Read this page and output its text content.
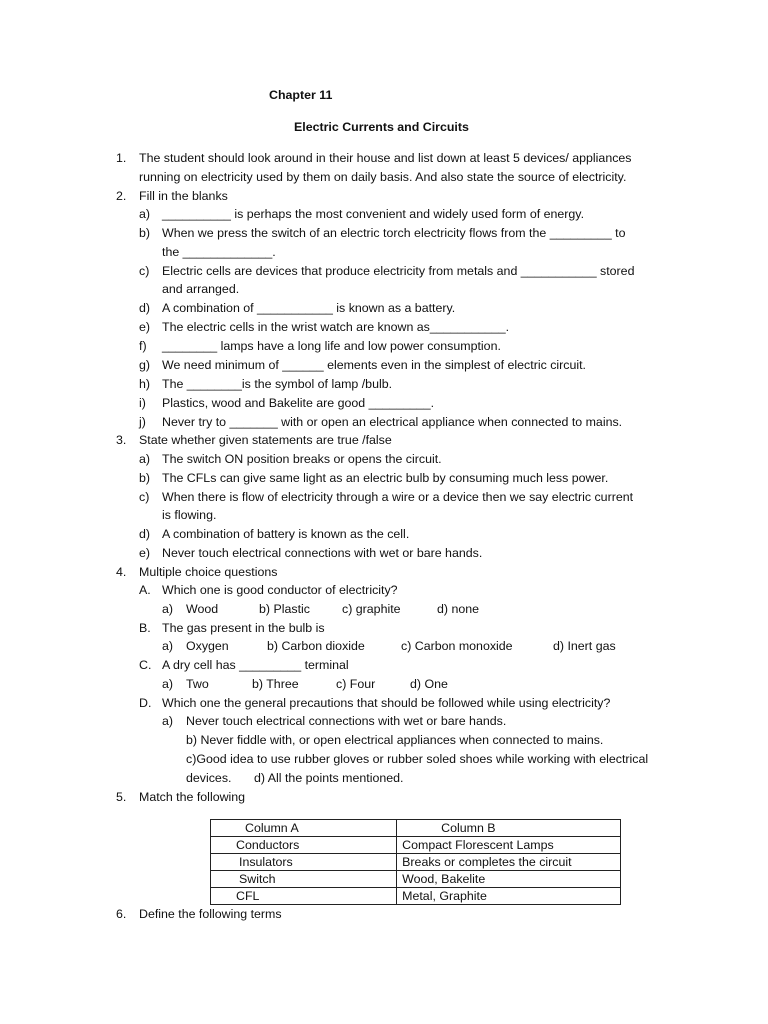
Chapter 11
Electric Currents and Circuits
1. The student should look around in their house and list down at least 5 devices/ appliances
running on electricity used by them on daily basis. And also state the source of electricity.
2. Fill in the blanks
a) __________ is perhaps the most convenient and widely used form of energy.
b) When we press the switch of an electric torch electricity flows from the _________ to
the _____________.
c) Electric cells are devices that produce electricity from metals and ___________ stored
and arranged.
d) A combination of ___________ is known as a battery.
e) The electric cells in the wrist watch are known as___________.
f) ________ lamps have a long life and low power consumption.
g) We need minimum of ______ elements even in the simplest of electric circuit.
h) The ________is the symbol of lamp /bulb.
i) Plastics, wood and Bakelite are good _________.
j) Never try to _______ with or open an electrical appliance when connected to mains.
3. State whether given statements are true /false
a) The switch ON position breaks or opens the circuit.
b) The CFLs can give same light as an electric bulb by consuming much less power.
c) When there is flow of electricity through a wire or a device then we say electric current
is flowing.
d) A combination of battery is known as the cell.
e) Never touch electrical connections with wet or bare hands.
4. Multiple choice questions
A. Which one is good conductor of electricity?
a) Wood	b) Plastic	c) graphite	d) none
B. The gas present in the bulb is
a) Oxygen	b) Carbon dioxide	c) Carbon monoxide	d) Inert gas
C. A dry cell has _________ terminal
a) Two	b) Three	c) Four	d) One
D. Which one the general precautions that should be followed while using electricity?
a) Never touch electrical connections with wet or bare hands.
b) Never fiddle with, or open electrical appliances when connected to mains.
c)Good idea to use rubber gloves or rubber soled shoes while working with electrical
devices. d) All the points mentioned.
5. Match the following
Column A	Column B
Conductors	Compact Florescent Lamps
Insulators	Breaks or completes the circuit
Switch	Wood, Bakelite
CFL	Metal, Graphite
6. Define the following terms
